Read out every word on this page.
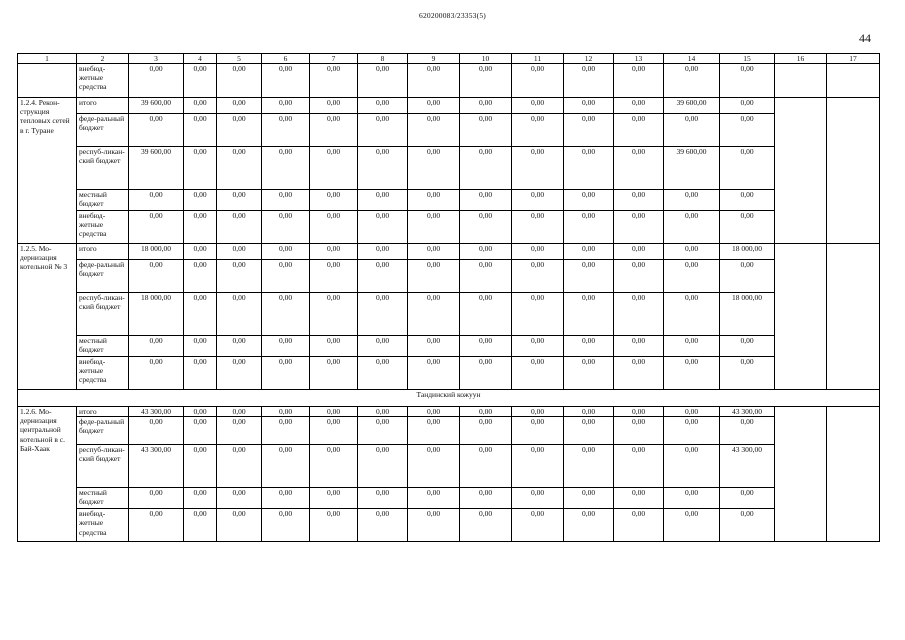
620200083/23353(5)
44
1	2	3	4	5	6	7	8	9	10	11	12	13	14	15	16	17
	внебюд-жетные средства	0,00	0,00	0,00	0,00	0,00	0,00	0,00	0,00	0,00	0,00	0,00	0,00	0,00		
1.2.4. Рекон-струкция тепловых сетей в г. Туране	итого	39 600,00	0,00	0,00	0,00	0,00	0,00	0,00	0,00	0,00	0,00	0,00	39 600,00	0,00		
	феде-ральный бюджет	0,00	0,00	0,00	0,00	0,00	0,00	0,00	0,00	0,00	0,00	0,00	0,00	0,00		
	респуб-ликан-ский бюджет	39 600,00	0,00	0,00	0,00	0,00	0,00	0,00	0,00	0,00	0,00	0,00	39 600,00	0,00		
	местный бюджет	0,00	0,00	0,00	0,00	0,00	0,00	0,00	0,00	0,00	0,00	0,00	0,00	0,00		
	внебюд-жетные средства	0,00	0,00	0,00	0,00	0,00	0,00	0,00	0,00	0,00	0,00	0,00	0,00	0,00		
1.2.5. Мо-дернизация котельной № 3	итого	18 000,00	0,00	0,00	0,00	0,00	0,00	0,00	0,00	0,00	0,00	0,00	0,00	18 000,00		
	феде-ральный бюджет	0,00	0,00	0,00	0,00	0,00	0,00	0,00	0,00	0,00	0,00	0,00	0,00	0,00		
	респуб-ликан-ский бюджет	18 000,00	0,00	0,00	0,00	0,00	0,00	0,00	0,00	0,00	0,00	0,00	0,00	18 000,00		
	местный бюджет	0,00	0,00	0,00	0,00	0,00	0,00	0,00	0,00	0,00	0,00	0,00	0,00	0,00		
	внебюд-жетные средства	0,00	0,00	0,00	0,00	0,00	0,00	0,00	0,00	0,00	0,00	0,00	0,00	0,00		
Тандинский кожуун																
1.2.6. Мо-дернизация центральной котельной в с. Бай-Хаак	итого	43 300,00	0,00	0,00	0,00	0,00	0,00	0,00	0,00	0,00	0,00	0,00	0,00	43 300,00		
	феде-ральный бюджет	0,00	0,00	0,00	0,00	0,00	0,00	0,00	0,00	0,00	0,00	0,00	0,00	0,00		
	респуб-ликан-ский бюджет	43 300,00	0,00	0,00	0,00	0,00	0,00	0,00	0,00	0,00	0,00	0,00	0,00	43 300,00		
	местный бюджет	0,00	0,00	0,00	0,00	0,00	0,00	0,00	0,00	0,00	0,00	0,00	0,00	0,00		
	внебюд-жетные средства	0,00	0,00	0,00	0,00	0,00	0,00	0,00	0,00	0,00	0,00	0,00	0,00	0,00		
